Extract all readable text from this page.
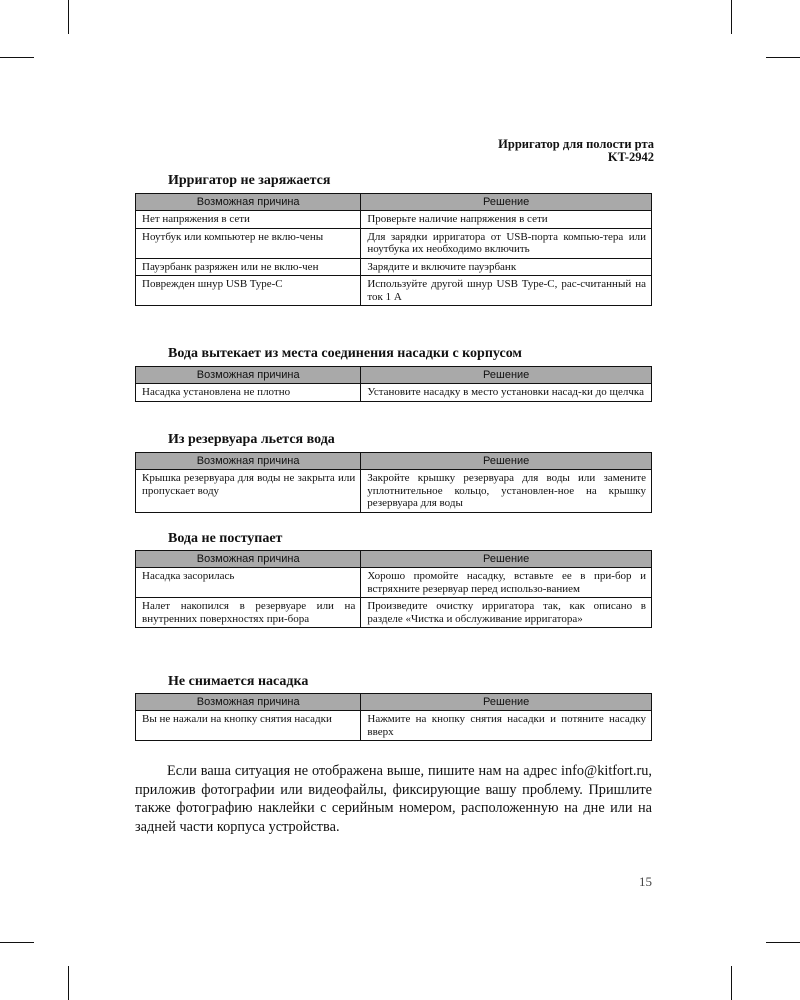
Ирригатор для полости рта
KT-2942
Ирригатор не заряжается
Возможная причина	Решение
Нет напряжения в сети	Проверьте наличие напряжения в сети
Ноутбук или компьютер не вклю-чены	Для зарядки ирригатора от USB-порта компью-тера или ноутбука их необходимо включить
Пауэрбанк разряжен или не вклю-чен	Зарядите и включите пауэрбанк
Поврежден шнур USB Type-C	Используйте другой шнур USB Type-C, рас-считанный на ток 1 А
Вода вытекает из места соединения насадки с корпусом
Возможная причина	Решение
Насадка установлена не плотно	Установите насадку в место установки насад-ки до щелчка
Из резервуара льется вода
Возможная причина	Решение
Крышка резервуара для воды не закрыта или пропускает воду	Закройте крышку резервуара для воды или замените уплотнительное кольцо, установлен-ное на крышку резервуара для воды
Вода не поступает
Возможная причина	Решение
Насадка засорилась	Хорошо промойте насадку, вставьте ее в при-бор и встряхните резервуар перед использо-ванием
Налет накопился в резервуаре или на внутренних поверхностях при-бора	Произведите очистку ирригатора так, как описано в разделе «Чистка и обслуживание ирригатора»
Не снимается насадка
Возможная причина	Решение
Вы не нажали на кнопку снятия насадки	Нажмите на кнопку снятия насадки и потяните насадку вверх
Если ваша ситуация не отображена выше, пишите нам на адрес info@kitfort.ru, приложив фотографии или видеофайлы, фиксирующие вашу проблему. Пришлите также фотографию наклейки с серийным номером, расположенную на дне или на задней части корпуса устройства.
15
